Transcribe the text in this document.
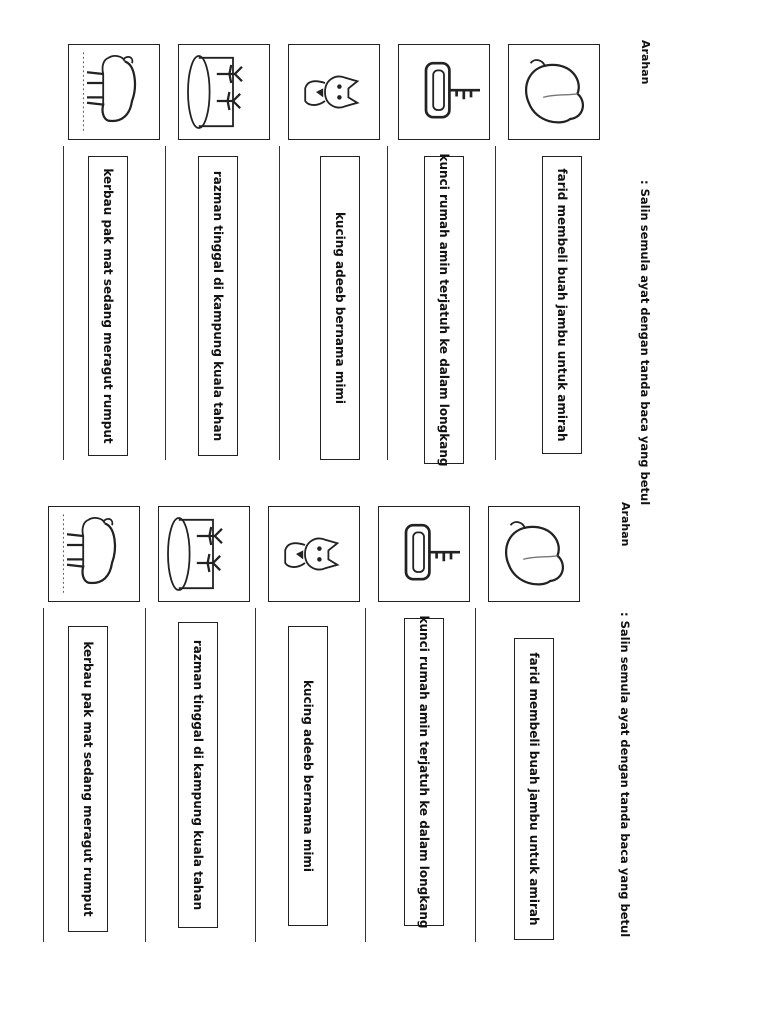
Arahan
: Salin semula ayat dengan tanda baca yang betul
farid membeli buah jambu untuk amirah
kunci rumah amin terjatuh ke dalam longkang
kucing adeeb bernama mimi
razman tinggal di kampung kuala tahan
kerbau pak mat sedang meragut rumput
Arahan
: Salin semula ayat dengan tanda baca yang betul
farid membeli buah jambu untuk amirah
kunci rumah amin terjatuh ke dalam longkang
kucing adeeb bernama mimi
razman tinggal di kampung kuala tahan
kerbau pak mat sedang meragut rumput
